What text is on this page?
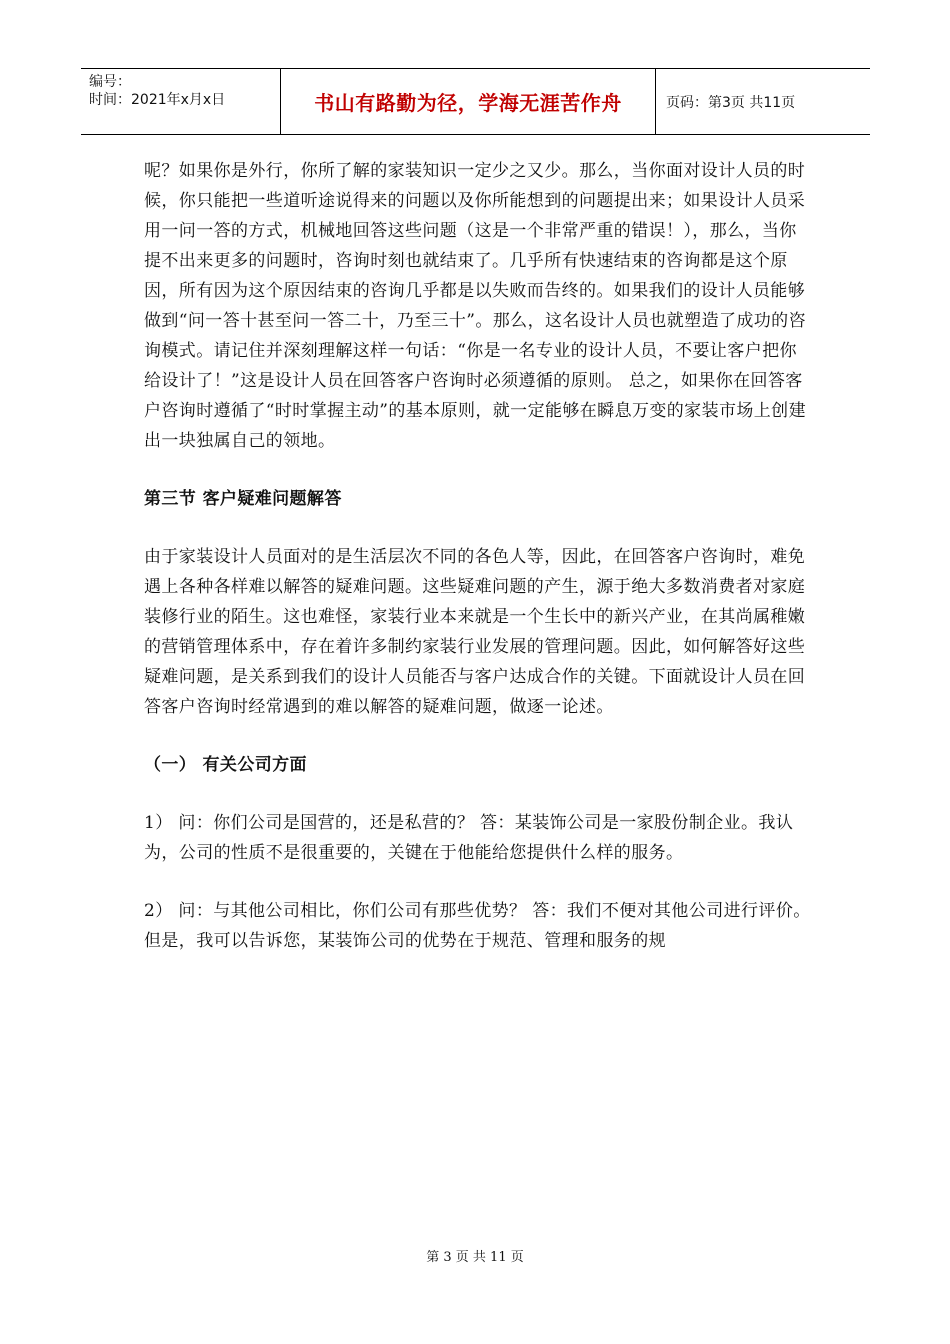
编号：
时间：2021年x月x日	书山有路勤为径，学海无涯苦作舟	页码：第3页 共11页

呢？如果你是外行，你所了解的家装知识一定少之又少。那么，当你面对设计人员的时候，你只能把一些道听途说得来的问题以及你所能想到的问题提出来；如果设计人员采用一问一答的方式，机械地回答这些问题（这是一个非常严重的错误！），那么，当你提不出来更多的问题时，咨询时刻也就结束了。几乎所有快速结束的咨询都是这个原因，所有因为这个原因结束的咨询几乎都是以失败而告终的。如果我们的设计人员能够做到“问一答十甚至问一答二十，乃至三十”。那么，这名设计人员也就塑造了成功的咨询模式。请记住并深刻理解这样一句话：“你是一名专业的设计人员，不要让客户把你给设计了！”这是设计人员在回答客户咨询时必须遵循的原则。 总之，如果你在回答客户咨询时遵循了“时时掌握主动”的基本原则，就一定能够在瞬息万变的家装市场上创建出一块独属自己的领地。

第三节 客户疑难问题解答

由于家装设计人员面对的是生活层次不同的各色人等，因此，在回答客户咨询时，难免遇上各种各样难以解答的疑难问题。这些疑难问题的产生，源于绝大多数消费者对家庭装修行业的陌生。这也难怪，家装行业本来就是一个生长中的新兴产业，在其尚属稚嫩的营销管理体系中，存在着许多制约家装行业发展的管理问题。因此，如何解答好这些疑难问题，是关系到我们的设计人员能否与客户达成合作的关键。下面就设计人员在回答客户咨询时经常遇到的难以解答的疑难问题，做逐一论述。

（一） 有关公司方面

1） 问：你们公司是国营的，还是私营的？ 答：某装饰公司是一家股份制企业。我认为，公司的性质不是很重要的，关键在于他能给您提供什么样的服务。

2） 问：与其他公司相比，你们公司有那些优势？ 答：我们不便对其他公司进行评价。但是，我可以告诉您，某装饰公司的优势在于规范、管理和服务的规

第 3 页 共 11 页
